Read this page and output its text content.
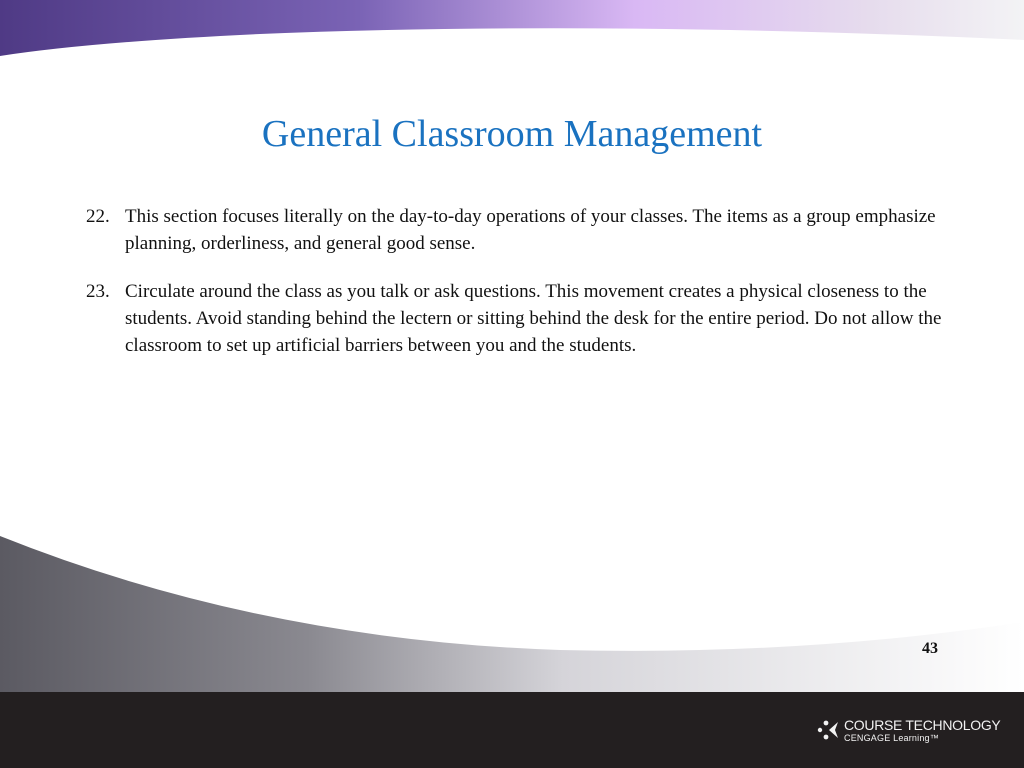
General Classroom Management
22. This section focuses literally on the day-to-day operations of your classes. The items as a group emphasize planning, orderliness, and general good sense.
23. Circulate around the class as you talk or ask questions. This movement creates a physical closeness to the students. Avoid standing behind the lectern or sitting behind the desk for the entire period. Do not allow the classroom to set up artificial barriers between you and the students.
43
COURSE TECHNOLOGY
CENGAGE Learning™
